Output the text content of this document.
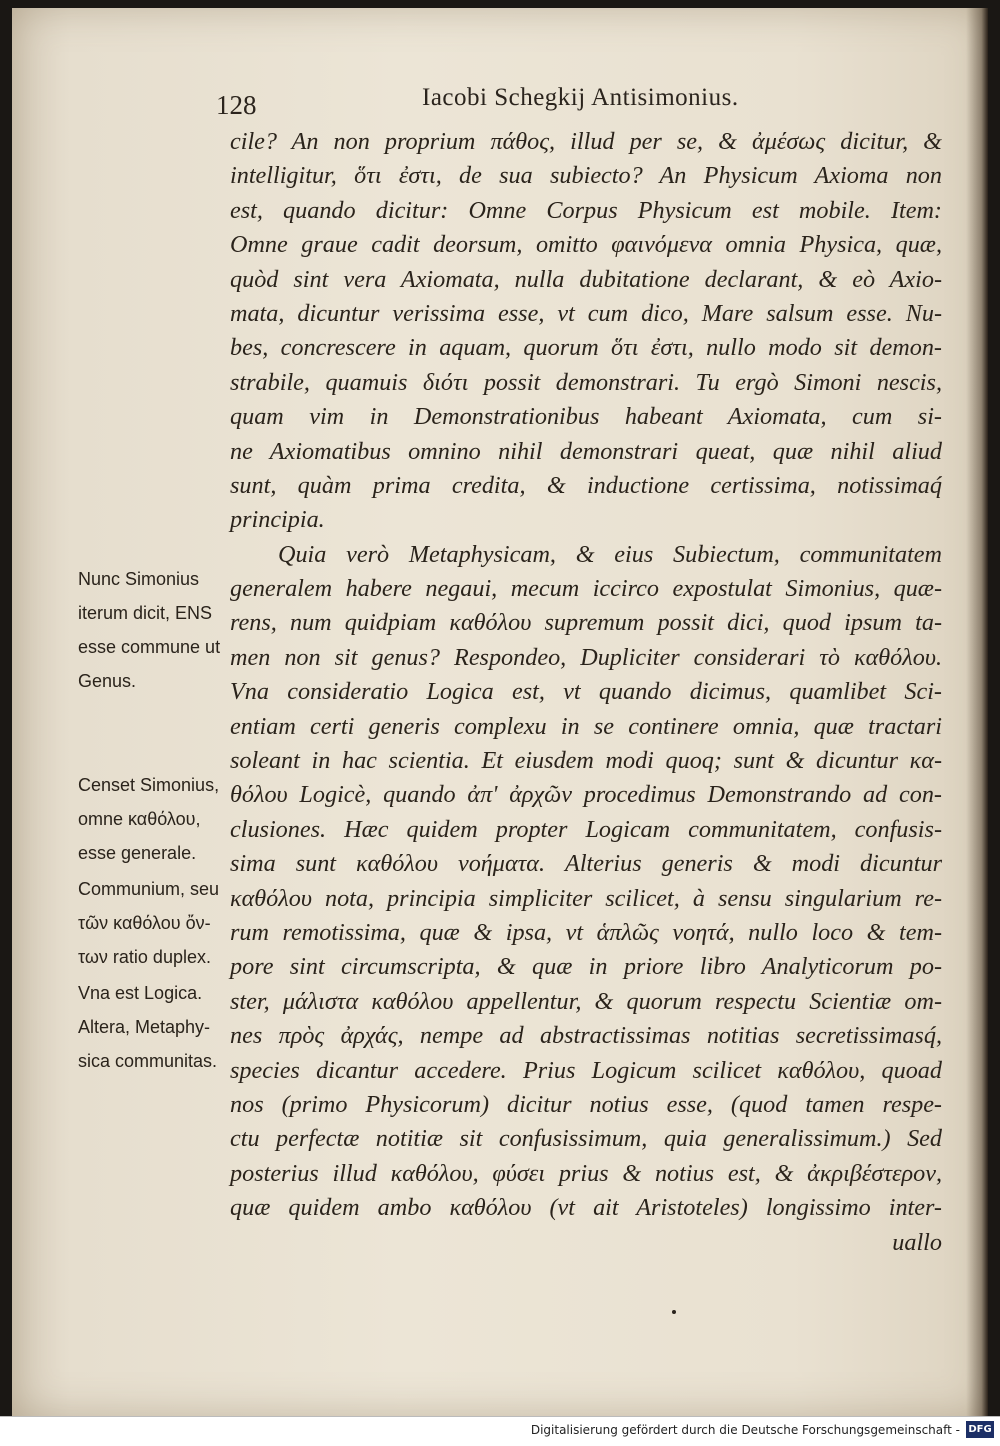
128	Iacobi Schegkij Antisimonius.
cile? An non proprium πάθος, illud per se, & ἀμέσως dicitur, &
intelligitur, ὅτι ἐστι, de sua subiecto? An Physicum Axioma non
est, quando dicitur: Omne Corpus Physicum est mobile. Item:
Omne graue cadit deorsum, omitto φαινόμενα omnia Physica, quæ,
quòd sint vera Axiomata, nulla dubitatione declarant, & eò Axio-
mata, dicuntur verissima esse, vt cum dico, Mare salsum esse. Nu-
bes, concrescere in aquam, quorum ὅτι ἐστι, nullo modo sit demon-
strabile, quamuis διότι possit demonstrari. Tu ergò Simoni nescis,
quam vim in Demonstrationibus habeant Axiomata, cum si-
ne Axiomatibus omnino nihil demonstrari queat, quæ nihil aliud
sunt, quàm prima credita, & inductione certissima, notissimaq́
principia.
Quia verò Metaphysicam, & eius Subiectum, communitatem
generalem habere negaui, mecum iccirco expostulat Simonius, quæ-
rens, num quidpiam καθόλου supremum possit dici, quod ipsum ta-
men non sit genus? Respondeo, Dupliciter considerari τὸ καθόλου.
Vna consideratio Logica est, vt quando dicimus, quamlibet Sci-
entiam certi generis complexu in se continere omnia, quæ tractari
soleant in hac scientia. Et eiusdem modi quoq; sunt & dicuntur κα-
θόλου Logicè, quando ἀπ' ἀρχῶν procedimus Demonstrando ad con-
clusiones. Hæc quidem propter Logicam communitatem, confusis-
sima sunt καθόλου νοήματα. Alterius generis & modi dicuntur
καθόλου nota, principia simpliciter scilicet, à sensu singularium re-
rum remotissima, quæ & ipsa, vt ἁπλῶς νοητά, nullo loco & tem-
pore sint circumscripta, & quæ in priore libro Analyticorum po-
ster, μάλιστα καθόλου appellentur, & quorum respectu Scientiæ om-
nes πρὸς ἀρχάς, nempe ad abstractissimas notitias secretissimasq́,
species dicantur accedere. Prius Logicum scilicet καθόλου, quoad
nos (primo Physicorum) dicitur notius esse, (quod tamen respe-
ctu perfectæ notitiæ sit confusissimum, quia generalissimum.) Sed
posterius illud καθόλου, φύσει prius & notius est, & ἀκριβέστερον,
quæ quidem ambo καθόλου (vt ait Aristoteles) longissimo inter-
uallo
Nunc Simonius
iterum dicit, ENS
esse commune ut
Genus.
Censet Simonius,
omne καθόλου,
esse generale.
Communium, seu
τῶν καθόλου ὄν-
των ratio duplex.
Vna est Logica.
Altera, Metaphy-
sica communitas.
Digitalisierung gefördert durch die Deutsche Forschungsgemeinschaft - DFG
